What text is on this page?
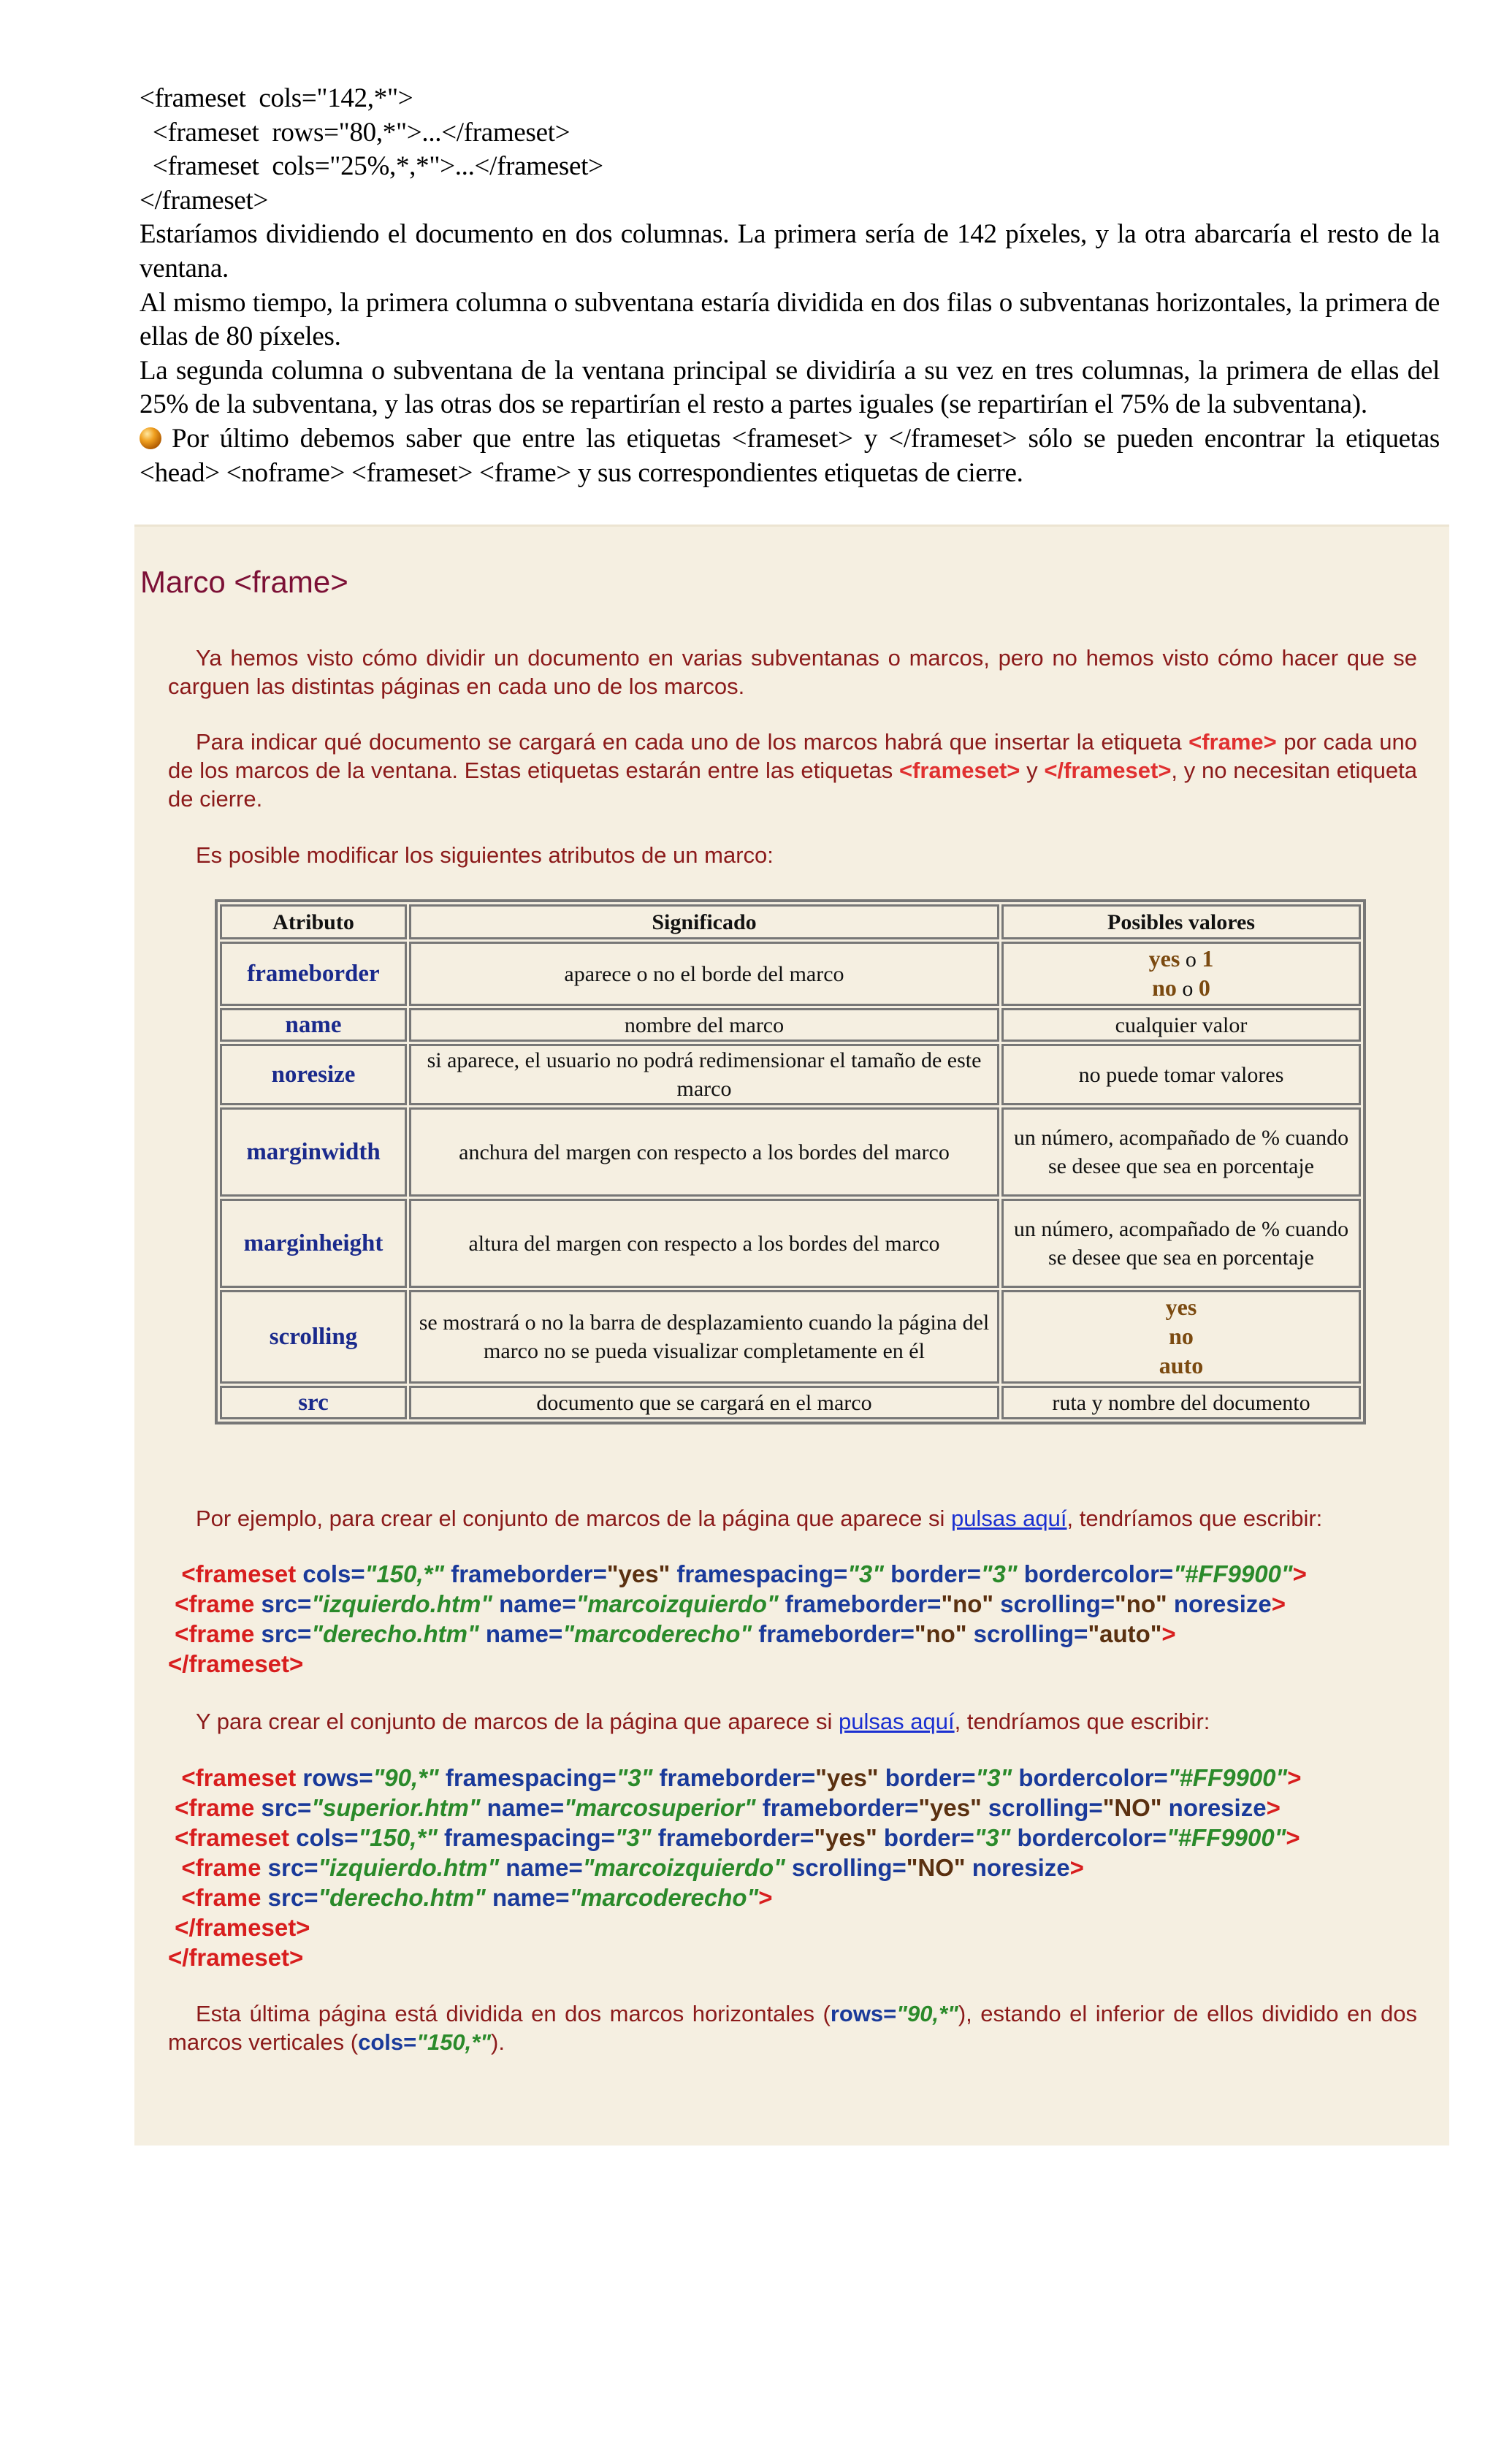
<frameset  cols="142,*">
<frameset  rows="80,*">...</frameset>
<frameset  cols="25%,*,*">...</frameset>
</frameset>

Estaríamos dividiendo el documento en dos columnas. La primera sería de 142 píxeles, y la otra abarcaría el resto de la ventana.

Al mismo tiempo, la primera columna o subventana estaría dividida en dos filas o subventanas horizontales, la primera de ellas de 80 píxeles.

La segunda columna o subventana de la ventana principal se dividiría a su vez en tres columnas, la primera de ellas del 25% de la subventana, y las otras dos se repartirían el resto a partes iguales (se repartirían el 75% de la subventana).

Por último debemos saber que entre las etiquetas <frameset> y </frameset> sólo se pueden encontrar la etiquetas <head> <noframe> <frameset> <frame> y sus correspondientes etiquetas de cierre.

Marco <frame>

Ya hemos visto cómo dividir un documento en varias subventanas o marcos, pero no hemos visto cómo hacer que se carguen las distintas páginas en cada uno de los marcos.

Para indicar qué documento se cargará en cada uno de los marcos habrá que insertar la etiqueta <frame> por cada uno de los marcos de la ventana. Estas etiquetas estarán entre las etiquetas <frameset> y </frameset>, y no necesitan etiqueta de cierre.

Es posible modificar los siguientes atributos de un marco:

Atributo	Significado	Posibles valores
frameborder	aparece o no el borde del marco	yes o 1
no o 0
name	nombre del marco	cualquier valor
noresize	si aparece, el usuario no podrá redimensionar el tamaño de este marco	no puede tomar valores
marginwidth	anchura del margen con respecto a los bordes del marco	un número, acompañado de % cuando se desee que sea en porcentaje
marginheight	altura del margen con respecto a los bordes del marco	un número, acompañado de % cuando se desee que sea en porcentaje
scrolling	se mostrará o no la barra de desplazamiento cuando la página del marco no se pueda visualizar completamente en él	yes
no
auto
src	documento que se cargará en el marco	ruta y nombre del documento

Por ejemplo, para crear el conjunto de marcos de la página que aparece si pulsas aquí, tendríamos que escribir:

<frameset cols="150,*" frameborder="yes" framespacing="3" border="3" bordercolor="#FF9900">
<frame src="izquierdo.htm" name="marcoizquierdo" frameborder="no" scrolling="no" noresize>
<frame src="derecho.htm" name="marcoderecho" frameborder="no" scrolling="auto">
</frameset>

Y para crear el conjunto de marcos de la página que aparece si pulsas aquí, tendríamos que escribir:

<frameset rows="90,*" framespacing="3" frameborder="yes" border="3" bordercolor="#FF9900">
<frame src="superior.htm" name="marcosuperior" frameborder="yes" scrolling="NO" noresize>
<frameset cols="150,*" framespacing="3" frameborder="yes" border="3" bordercolor="#FF9900">
<frame src="izquierdo.htm" name="marcoizquierdo" scrolling="NO" noresize>
<frame src="derecho.htm" name="marcoderecho">
</frameset>
</frameset>

Esta última página está dividida en dos marcos horizontales (rows="90,*"), estando el inferior de ellos dividido en dos marcos verticales (cols="150,*").
